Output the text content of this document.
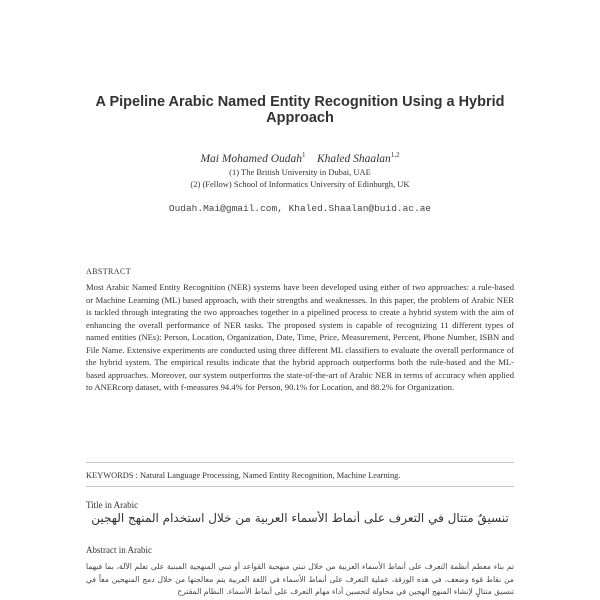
A Pipeline Arabic Named Entity Recognition Using a Hybrid Approach
Mai Mohamed Oudah$^1$ Khaled Shaalan$^{1,2}$
(1) The British University in Dubai, UAE
(2) (Fellow) School of Informatics University of Edinburgh, UK
Oudah.Mai@gmail.com, Khaled.Shaalan@buid.ac.ae
ABSTRACT
Most Arabic Named Entity Recognition (NER) systems have been developed using either of two approaches: a rule-based or Machine Learning (ML) based approach, with their strengths and weaknesses. In this paper, the problem of Arabic NER is tackled through integrating the two approaches together in a pipelined process to create a hybrid system with the aim of enhancing the overall performance of NER tasks. The proposed system is capable of recognizing 11 different types of named entities (NEs): Person, Location, Organization, Date, Time, Price, Measurement, Percent, Phone Number, ISBN and File Name. Extensive experiments are conducted using three different ML classifiers to evaluate the overall performance of the hybrid system. The empirical results indicate that the hybrid approach outperforms both the rule-based and the ML-based approaches. Moreover, our system outperforms the state-of-the-art of Arabic NER in terms of accuracy when applied to ANERcorp dataset, with f-measures 94.4% for Person, 90.1% for Location, and 88.2% for Organization.
KEYWORDS : Natural Language Processing, Named Entity Recognition, Machine Learning.
Title in Arabic
تنسيقٌ متتالٍ في التعرف على أنماط الأسماء العربية من خلال استخدام المنهج الهجين
Abstract in Arabic
تم بناء معظم أنظمة التعرف على أنماط الأسماء العربية من خلال تبني منهجية القواعد أو تبني المنهجية المبنية على تعلم الآلة، بما فيهما من نقاط قوة وضعف. في هذه الورقة، عملية التعرف على أنماط الأسماء في اللغة العربية يتم معالجتها من خلال دمج المنهجين معاً في تنسيق متتالٍ لإنشاء المنهج الهجين في محاولة لتحسين أداء مهام التعرف على أنماط الأسماء. النظام المقترح
